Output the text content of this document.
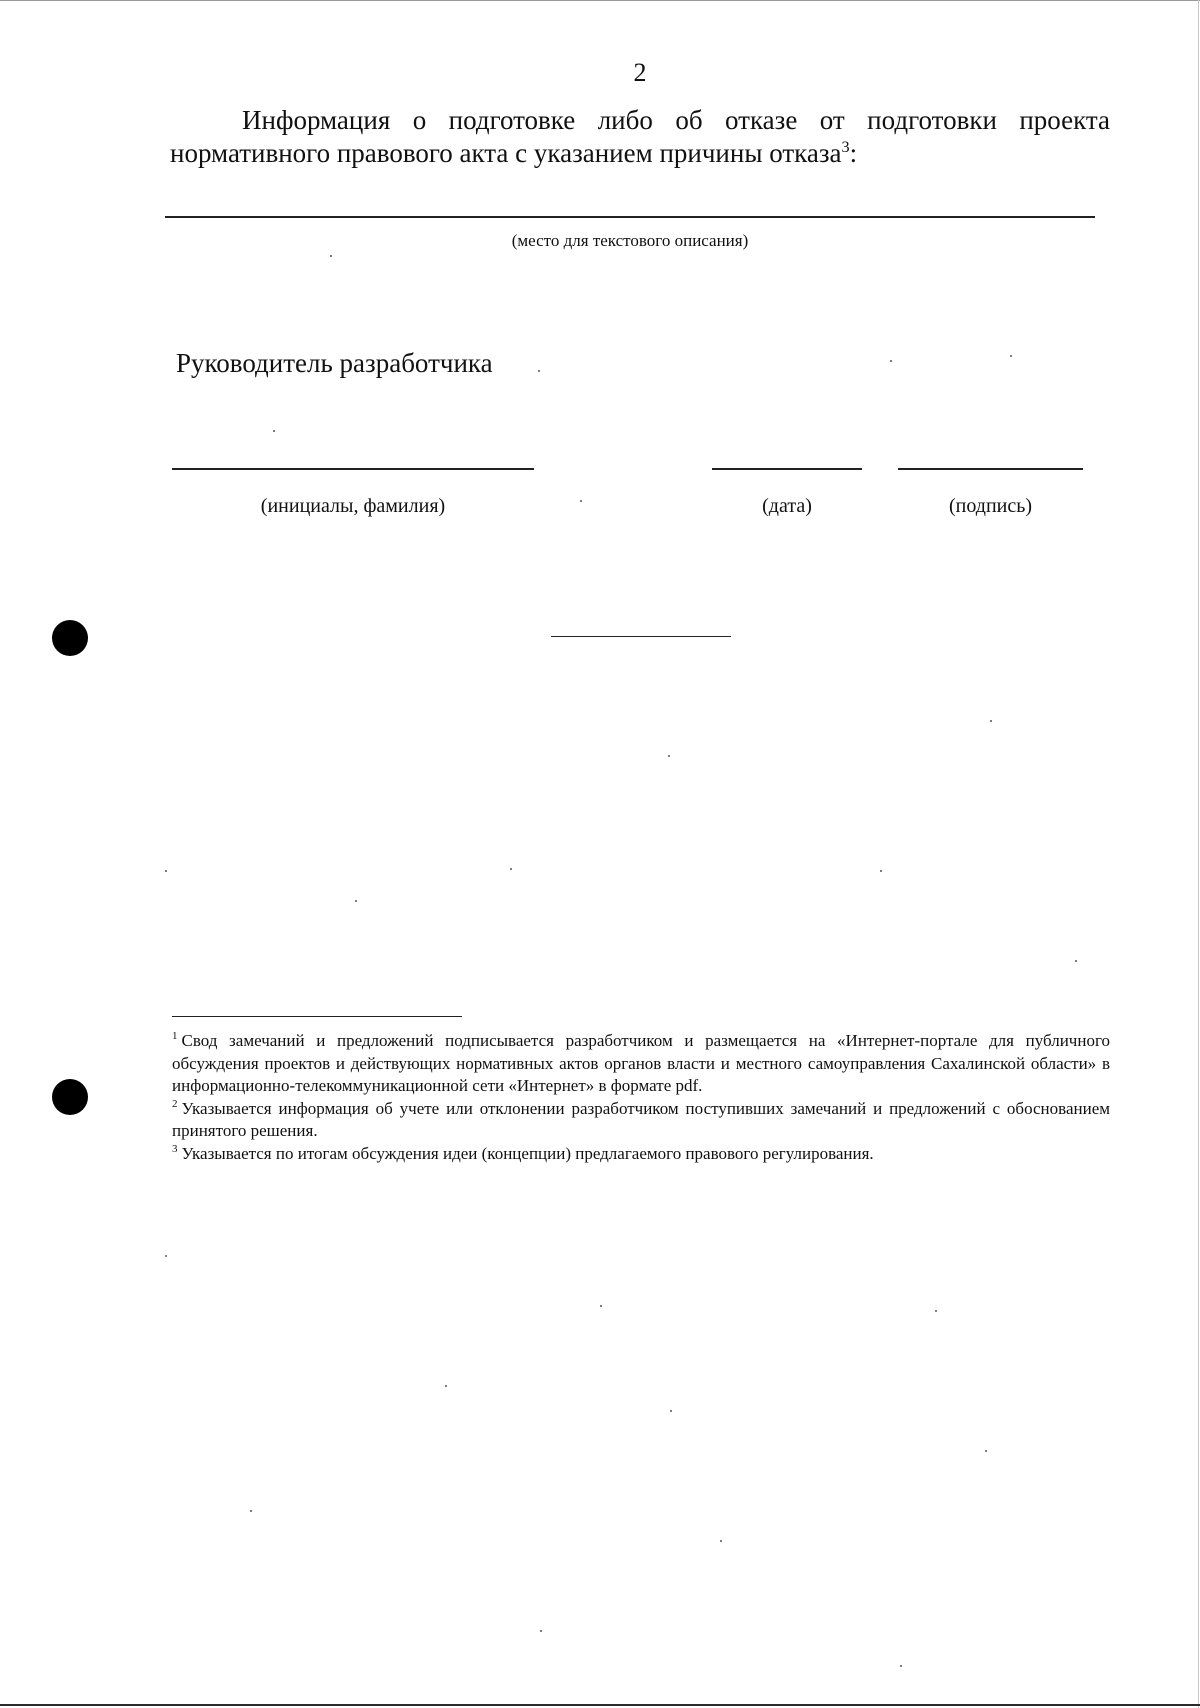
2
Информация о подготовке либо об отказе от подготовки проекта нормативного правового акта с указанием причины отказа$^3$:
(место для текстового описания)
Руководитель разработчика
(инициалы, фамилия)	(дата)	(подпись)
$^1$ Свод замечаний и предложений подписывается разработчиком и размещается на «Интернет-портале для публичного обсуждения проектов и действующих нормативных актов органов власти и местного самоуправления Сахалинской области» в информационно-телекоммуникационной сети «Интернет» в формате pdf.
$^2$ Указывается информация об учете или отклонении разработчиком поступивших замечаний и предложений с обоснованием принятого решения.
$^3$ Указывается по итогам обсуждения идеи (концепции) предлагаемого правового регулирования.
